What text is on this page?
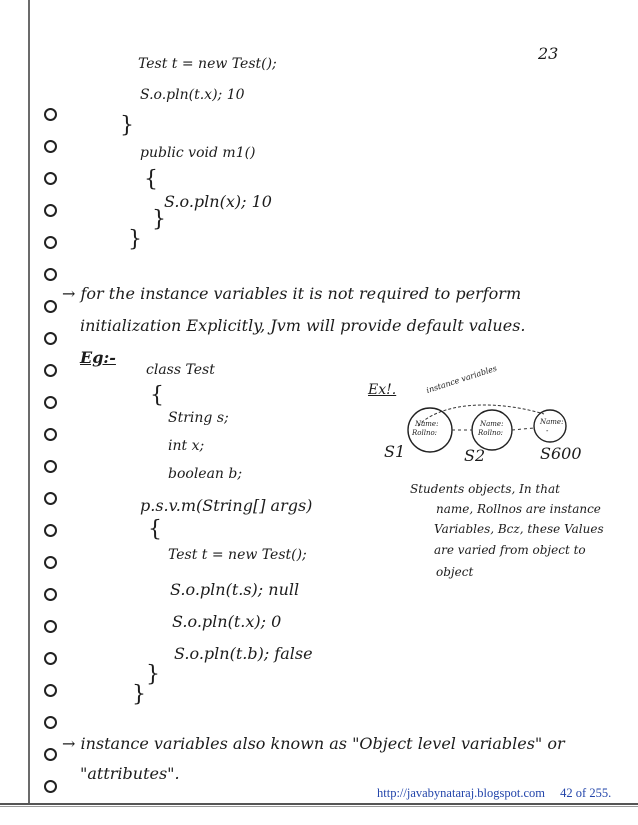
23
Test t = new Test();
S.o.pln(t.x); 10
}
public void m1()
{
S.o.pln(x); 10
}
}
→ for the instance variables it is not required to perform
initialization Explicitly, Jvm will provide default values.
Eg:-
class Test
{
String s;
int x;
boolean b;
p.s.v.m(String[] args)
{
Test t = new Test();
S.o.pln(t.s); null
S.o.pln(t.x); 0
S.o.pln(t.b); false
}
}
Ex!.	instance variables
Name:
Rollno:
Name:
Rollno:
Name:
-
S1	S2	S600
Students objects, In that
name, Rollnos are instance
Variables, Bcz, these Values
are varied from object to
object
→ instance variables also known as "Object level variables" or
"attributes".
http://javabynataraj.blogspot.com 42 of 255.
